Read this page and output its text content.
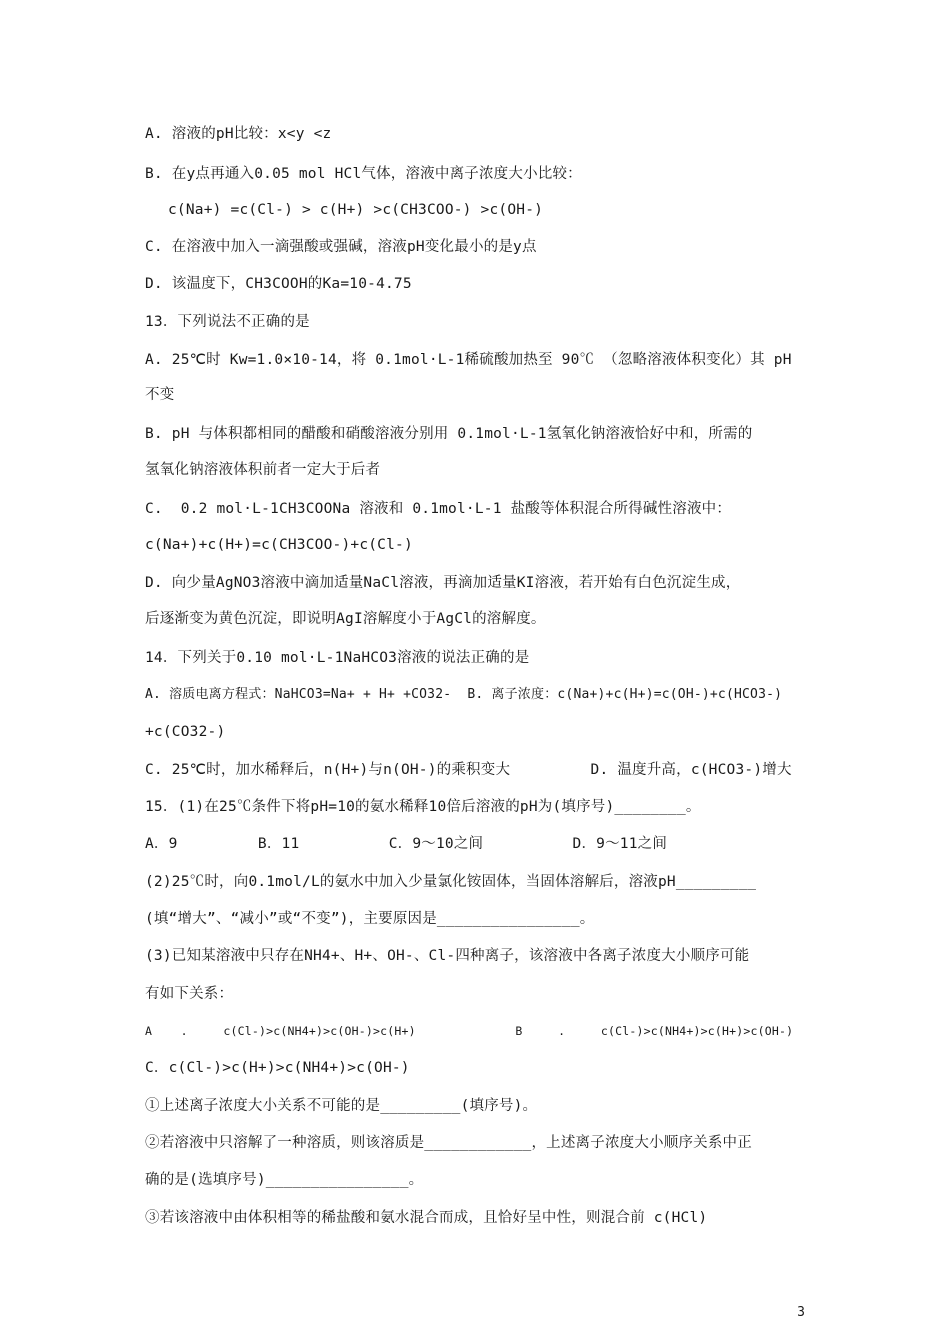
A. 溶液的pH比较：x<y <z
B. 在y点再通入0.05 mol HCl气体，溶液中离子浓度大小比较：
c(Na+) =c(Cl-) > c(H+) >c(CH3COO-) >c(OH-)
C. 在溶液中加入一滴强酸或强碱，溶液pH变化最小的是y点
D. 该温度下，CH3COOH的Ka=10-4.75
13．下列说法不正确的是
A. 25℃时 Kw=1.0×10-14，将 0.1mol·L-1稀硫酸加热至 90℃ （忽略溶液体积变化）其 pH
不变
B. pH 与体积都相同的醋酸和硝酸溶液分别用 0.1mol·L-1氢氧化钠溶液恰好中和，所需的
氢氧化钠溶液体积前者一定大于后者
C.  0.2 mol·L-1CH3COONa 溶液和 0.1mol·L-1 盐酸等体积混合所得碱性溶液中：
c(Na+)+c(H+)=c(CH3COO-)+c(Cl-)
D. 向少量AgNO3溶液中滴加适量NaCl溶液，再滴加适量KI溶液，若开始有白色沉淀生成，
后逐渐变为黄色沉淀，即说明AgI溶解度小于AgCl的溶解度。
14．下列关于0.10 mol·L-1NaHCO3溶液的说法正确的是
A. 溶质电离方程式：NaHCO3=Na+ + H+ +CO32-  B. 离子浓度：c(Na+)+c(H+)=c(OH-)+c(HCO3-)
+c(CO32-)
C. 25℃时，加水稀释后，n(H+)与n(OH-)的乘积变大         D. 温度升高，c(HCO3-)增大
15．(1)在25℃条件下将pH=10的氨水稀释10倍后溶液的pH为(填序号)________。
A．9         B．11          C．9～10之间          D．9～11之间
(2)25℃时，向0.1mol/L的氨水中加入少量氯化铵固体，当固体溶解后，溶液pH_________
(填“增大”、“减小”或“不变”)，主要原因是________________。
(3)已知某溶液中只存在NH4+、H+、OH-、Cl-四种离子，该溶液中各离子浓度大小顺序可能
有如下关系：
A    .     c(Cl-)>c(NH4+)>c(OH-)>c(H+)              B     .     c(Cl-)>c(NH4+)>c(H+)>c(OH-)
C．c(Cl-)>c(H+)>c(NH4+)>c(OH-)
①上述离子浓度大小关系不可能的是_________(填序号)。
②若溶液中只溶解了一种溶质，则该溶质是____________，上述离子浓度大小顺序关系中正
确的是(选填序号)________________。
③若该溶液中由体积相等的稀盐酸和氨水混合而成，且恰好呈中性，则混合前 c(HCl)
3
